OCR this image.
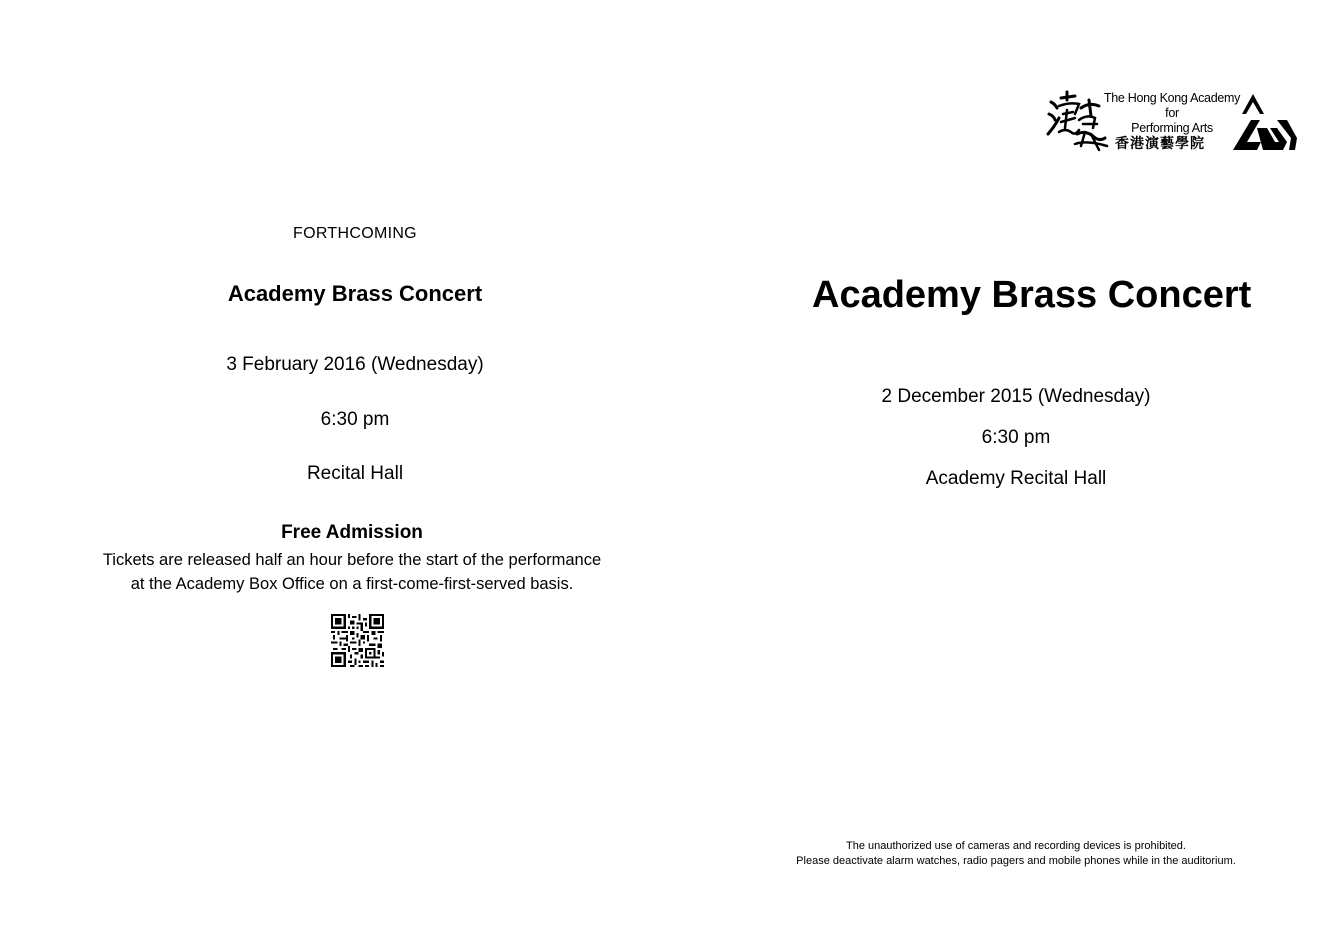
FORTHCOMING
Academy Brass Concert
3 February 2016 (Wednesday)
6:30 pm
Recital Hall
Free Admission
Tickets are released half an hour before the start of the performance
at the Academy Box Office on a first-come-first-served basis.
The Hong Kong Academy
for
Performing Arts
香港演藝學院
Academy Brass Concert
2 December 2015 (Wednesday)
6:30 pm
Academy Recital Hall
The unauthorized use of cameras and recording devices is prohibited.
Please deactivate alarm watches, radio pagers and mobile phones while in the auditorium.
